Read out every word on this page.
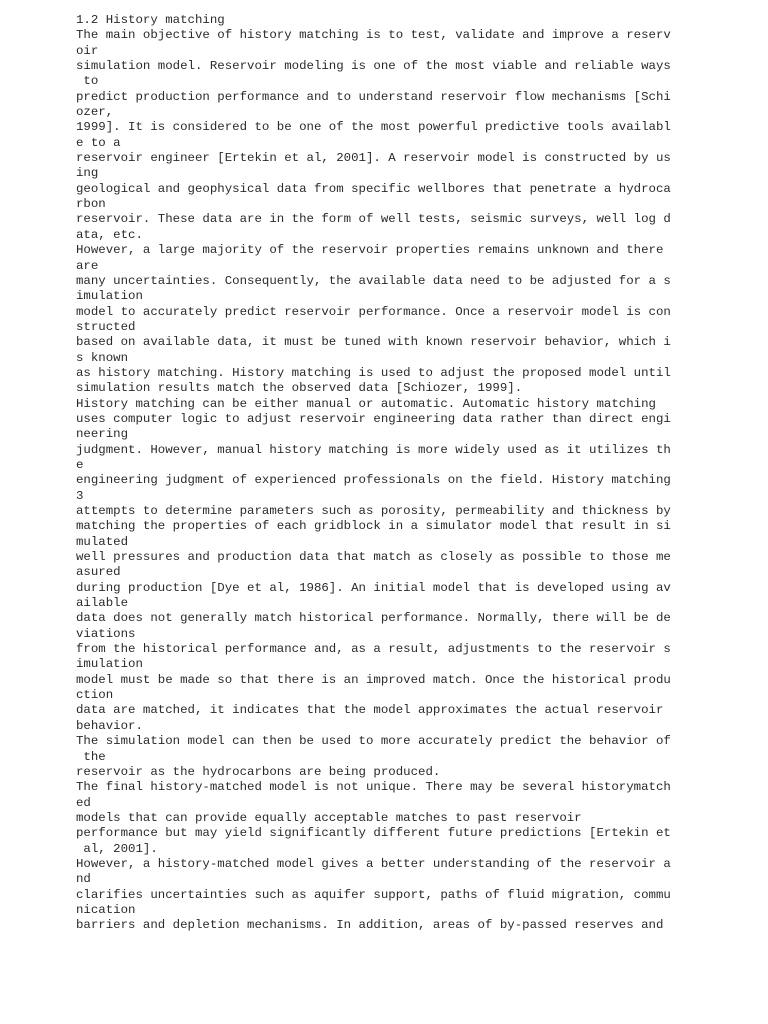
1.2 History matching
The main objective of history matching is to test, validate and improve a reserv
oir
simulation model. Reservoir modeling is one of the most viable and reliable ways
to
predict production performance and to understand reservoir flow mechanisms [Schi
ozer,
1999]. It is considered to be one of the most powerful predictive tools availabl
e to a
reservoir engineer [Ertekin et al, 2001]. A reservoir model is constructed by us
ing
geological and geophysical data from specific wellbores that penetrate a hydroca
rbon
reservoir. These data are in the form of well tests, seismic surveys, well log d
ata, etc.
However, a large majority of the reservoir properties remains unknown and there
are
many uncertainties. Consequently, the available data need to be adjusted for a s
imulation
model to accurately predict reservoir performance. Once a reservoir model is con
structed
based on available data, it must be tuned with known reservoir behavior, which i
s known
as history matching. History matching is used to adjust the proposed model until
simulation results match the observed data [Schiozer, 1999].
History matching can be either manual or automatic. Automatic history matching
uses computer logic to adjust reservoir engineering data rather than direct engi
neering
judgment. However, manual history matching is more widely used as it utilizes th
e
engineering judgment of experienced professionals on the field. History matching
3
attempts to determine parameters such as porosity, permeability and thickness by
matching the properties of each gridblock in a simulator model that result in si
mulated
well pressures and production data that match as closely as possible to those me
asured
during production [Dye et al, 1986]. An initial model that is developed using av
ailable
data does not generally match historical performance. Normally, there will be de
viations
from the historical performance and, as a result, adjustments to the reservoir s
imulation
model must be made so that there is an improved match. Once the historical produ
ction
data are matched, it indicates that the model approximates the actual reservoir
behavior.
The simulation model can then be used to more accurately predict the behavior of
the
reservoir as the hydrocarbons are being produced.
The final history-matched model is not unique. There may be several historymatch
ed
models that can provide equally acceptable matches to past reservoir
performance but may yield significantly different future predictions [Ertekin et
al, 2001].
However, a history-matched model gives a better understanding of the reservoir a
nd
clarifies uncertainties such as aquifer support, paths of fluid migration, commu
nication
barriers and depletion mechanisms. In addition, areas of by-passed reserves and
